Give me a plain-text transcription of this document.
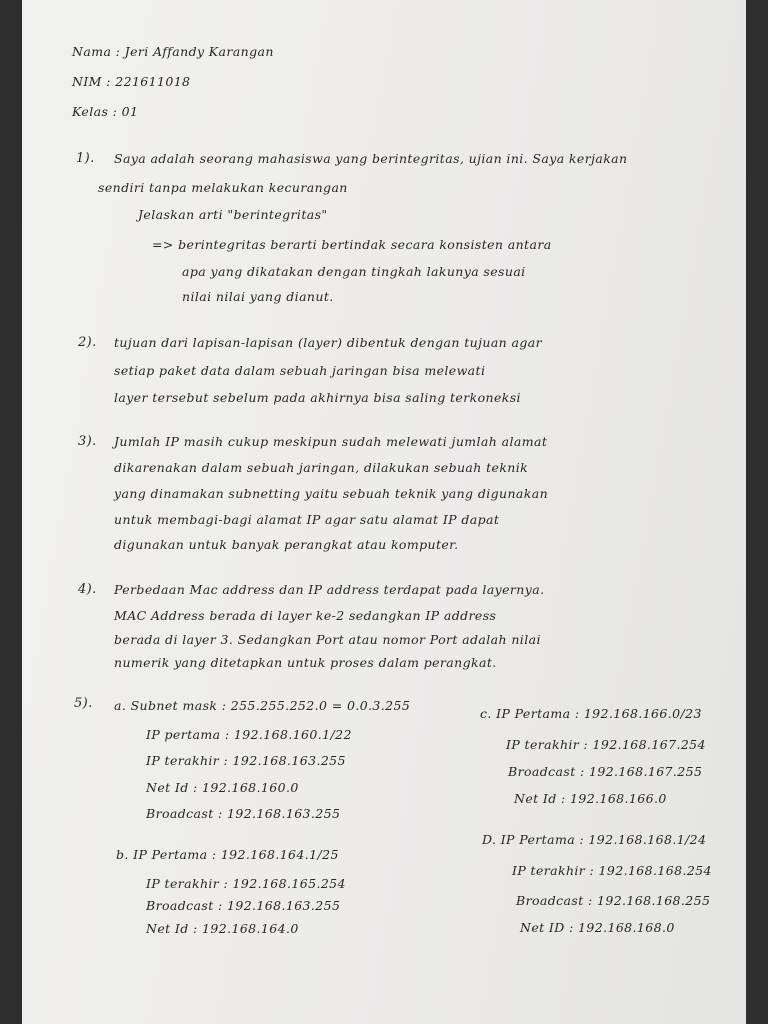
Nama : Jeri Affandy Karangan
NIM : 221611018
Kelas : 01
1). Saya adalah seorang mahasiswa yang berintegritas, ujian ini. Saya kerjakan
sendiri tanpa melakukan kecurangan
Jelaskan arti "berintegritas"
=> berintegritas berarti bertindak secara konsisten antara
apa yang dikatakan dengan tingkah lakunya sesuai
nilai nilai yang dianut.
2). tujuan dari lapisan-lapisan (layer) dibentuk dengan tujuan agar
setiap paket data dalam sebuah jaringan bisa melewati
layer tersebut sebelum pada akhirnya bisa saling terkoneksi
3). Jumlah IP masih cukup meskipun sudah melewati jumlah alamat
dikarenakan dalam sebuah jaringan, dilakukan sebuah teknik
yang dinamakan subnetting yaitu sebuah teknik yang digunakan
untuk membagi-bagi alamat IP agar satu alamat IP dapat
digunakan untuk banyak perangkat atau komputer.
4). Perbedaan Mac address dan IP address terdapat pada layernya.
MAC Address berada di layer ke-2 sedangkan IP address
berada di layer 3. Sedangkan Port atau nomor Port adalah nilai
numerik yang ditetapkan untuk proses dalam perangkat.
5). a. Subnet mask : 255.255.252.0 = 0.0.3.255
IP pertama : 192.168.160.1/22
IP terakhir : 192.168.163.255
Net Id : 192.168.160.0
Broadcast : 192.168.163.255
b. IP Pertama : 192.168.164.1/25
IP terakhir : 192.168.165.254
Broadcast : 192.168.163.255
Net Id : 192.168.164.0
c. IP Pertama : 192.168.166.0/23
IP terakhir : 192.168.167.254
Broadcast : 192.168.167.255
Net Id : 192.168.166.0
D. IP Pertama : 192.168.168.1/24
IP terakhir : 192.168.168.254
Broadcast : 192.168.168.255
Net ID : 192.168.168.0
